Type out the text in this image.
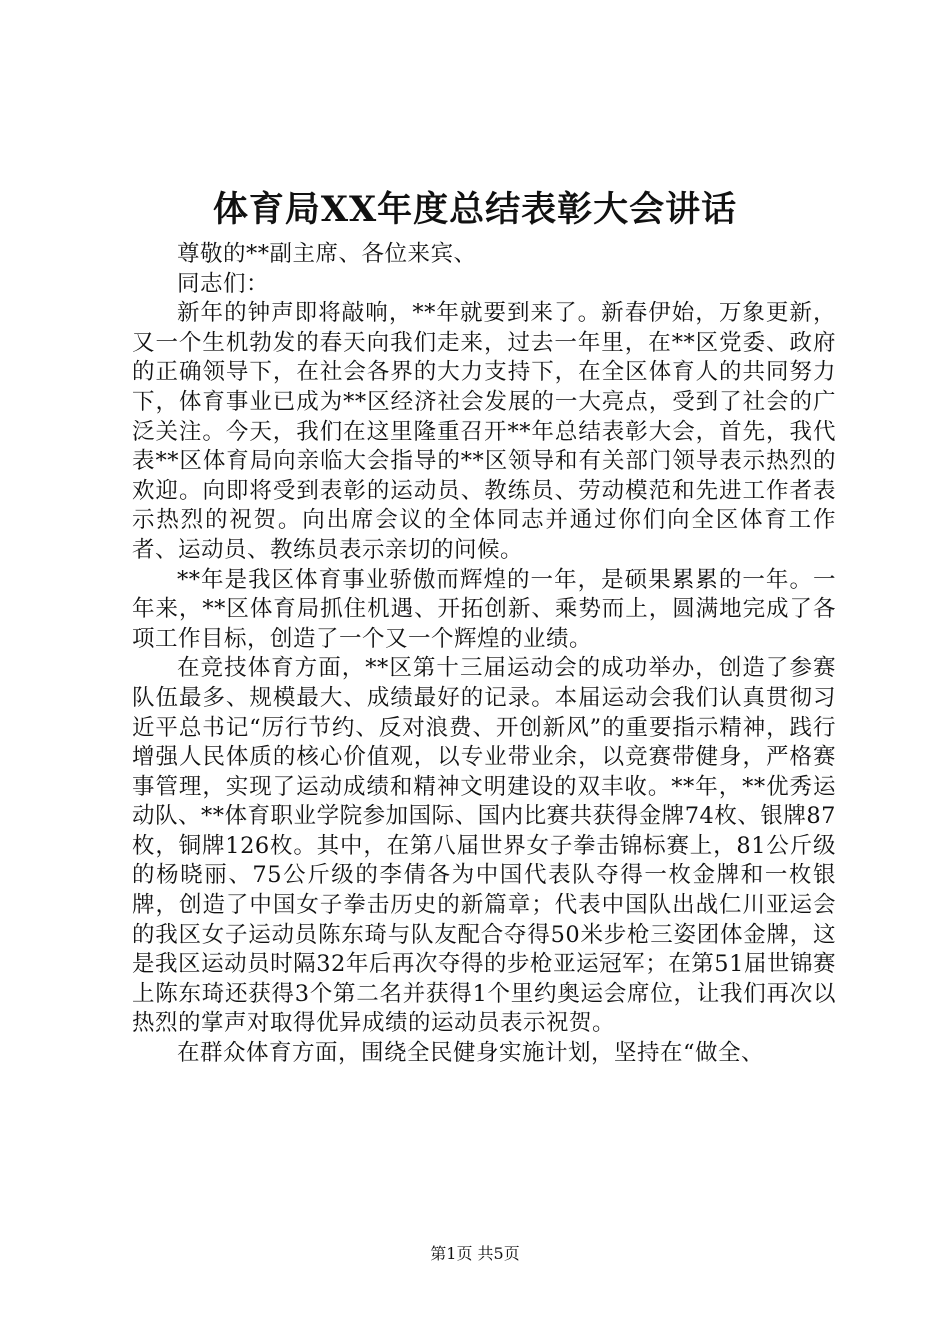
体育局XX年度总结表彰大会讲话

尊敬的**副主席、各位来宾、

同志们：

新年的钟声即将敲响，**年就要到来了。新春伊始，万象更新，又一个生机勃发的春天向我们走来，过去一年里，在**区党委、政府的正确领导下，在社会各界的大力支持下，在全区体育人的共同努力下，体育事业已成为**区经济社会发展的一大亮点，受到了社会的广泛关注。今天，我们在这里隆重召开**年总结表彰大会，首先，我代表**区体育局向亲临大会指导的**区领导和有关部门领导表示热烈的欢迎。向即将受到表彰的运动员、教练员、劳动模范和先进工作者表示热烈的祝贺。向出席会议的全体同志并通过你们向全区体育工作者、运动员、教练员表示亲切的问候。

**年是我区体育事业骄傲而辉煌的一年，是硕果累累的一年。一年来，**区体育局抓住机遇、开拓创新、乘势而上，圆满地完成了各项工作目标，创造了一个又一个辉煌的业绩。

在竞技体育方面，**区第十三届运动会的成功举办，创造了参赛队伍最多、规模最大、成绩最好的记录。本届运动会我们认真贯彻习近平总书记“厉行节约、反对浪费、开创新风”的重要指示精神，践行增强人民体质的核心价值观，以专业带业余，以竞赛带健身，严格赛事管理，实现了运动成绩和精神文明建设的双丰收。**年，**优秀运动队、**体育职业学院参加国际、国内比赛共获得金牌74枚、银牌87枚，铜牌126枚。其中，在第八届世界女子拳击锦标赛上，81公斤级的杨晓丽、75公斤级的李倩各为中国代表队夺得一枚金牌和一枚银牌，创造了中国女子拳击历史的新篇章；代表中国队出战仁川亚运会的我区女子运动员陈东琦与队友配合夺得50米步枪三姿团体金牌，这是我区运动员时隔32年后再次夺得的步枪亚运冠军；在第51届世锦赛上陈东琦还获得3个第二名并获得1个里约奥运会席位，让我们再次以热烈的掌声对取得优异成绩的运动员表示祝贺。

在群众体育方面，围绕全民健身实施计划，坚持在“做全、

第1页 共5页
